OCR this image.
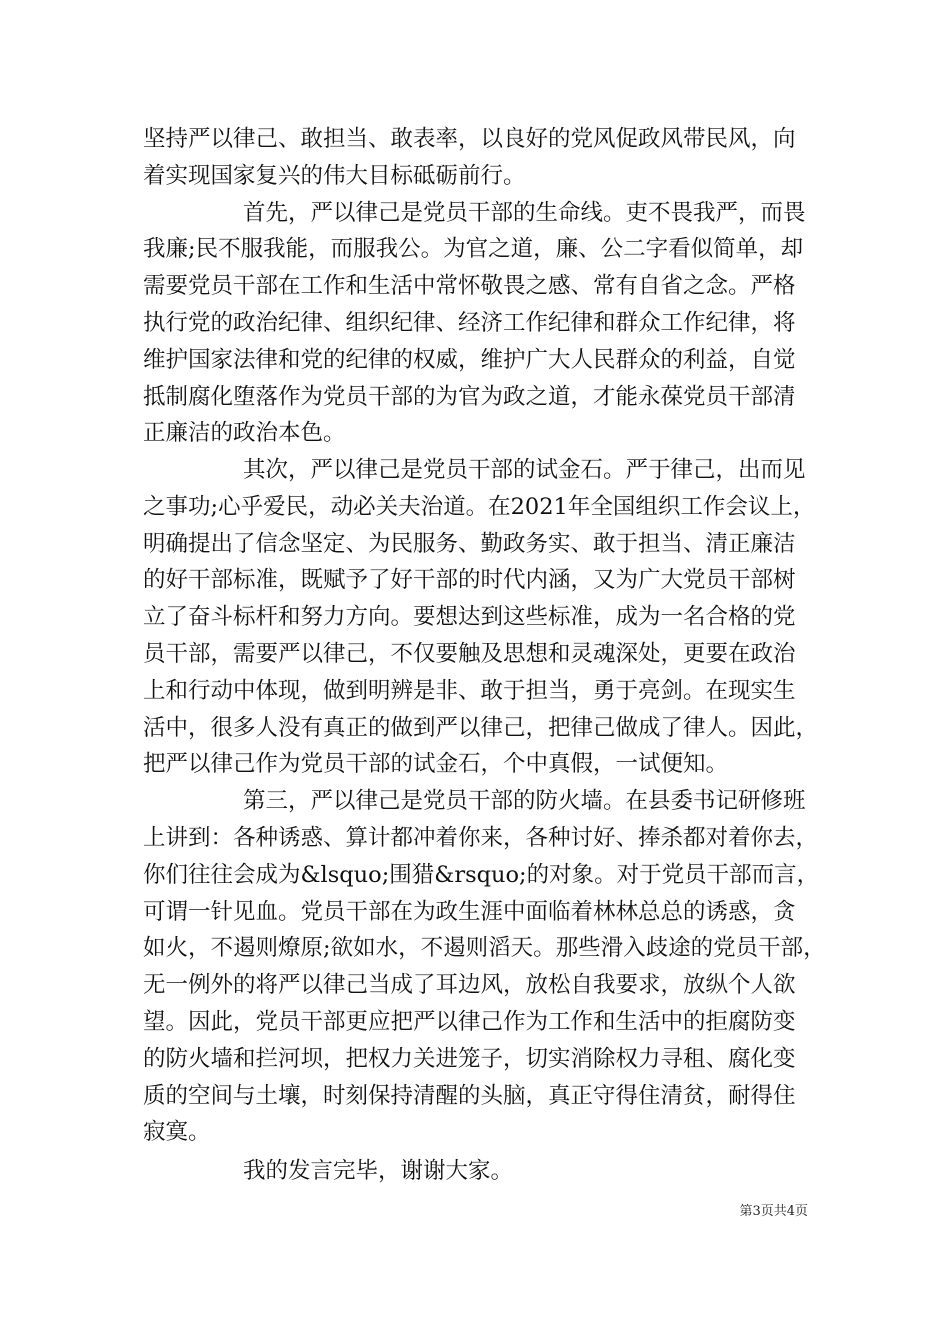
坚持严以律己、敢担当、敢表率，以良好的党风促政风带民风，向
着实现国家复兴的伟大目标砥砺前行。
首先，严以律己是党员干部的生命线。吏不畏我严，而畏
我廉;民不服我能，而服我公。为官之道，廉、公二字看似简单，却
需要党员干部在工作和生活中常怀敬畏之感、常有自省之念。严格
执行党的政治纪律、组织纪律、经济工作纪律和群众工作纪律，将
维护国家法律和党的纪律的权威，维护广大人民群众的利益，自觉
抵制腐化堕落作为党员干部的为官为政之道，才能永葆党员干部清
正廉洁的政治本色。
其次，严以律己是党员干部的试金石。严于律己，出而见
之事功;心乎爱民，动必关夫治道。在2021年全国组织工作会议上，
明确提出了信念坚定、为民服务、勤政务实、敢于担当、清正廉洁
的好干部标准，既赋予了好干部的时代内涵，又为广大党员干部树
立了奋斗标杆和努力方向。要想达到这些标准，成为一名合格的党
员干部，需要严以律己，不仅要触及思想和灵魂深处，更要在政治
上和行动中体现，做到明辨是非、敢于担当，勇于亮剑。在现实生
活中，很多人没有真正的做到严以律己，把律己做成了律人。因此，
把严以律己作为党员干部的试金石，个中真假，一试便知。
第三，严以律己是党员干部的防火墙。在县委书记研修班
上讲到：各种诱惑、算计都冲着你来，各种讨好、捧杀都对着你去，
你们往往会成为&lsquo;围猎&rsquo;的对象。对于党员干部而言，
可谓一针见血。党员干部在为政生涯中面临着林林总总的诱惑，贪
如火，不遏则燎原;欲如水，不遏则滔天。那些滑入歧途的党员干部，
无一例外的将严以律己当成了耳边风，放松自我要求，放纵个人欲
望。因此，党员干部更应把严以律己作为工作和生活中的拒腐防变
的防火墙和拦河坝，把权力关进笼子，切实消除权力寻租、腐化变
质的空间与土壤，时刻保持清醒的头脑，真正守得住清贫，耐得住
寂寞。
我的发言完毕，谢谢大家。
第3页共4页
